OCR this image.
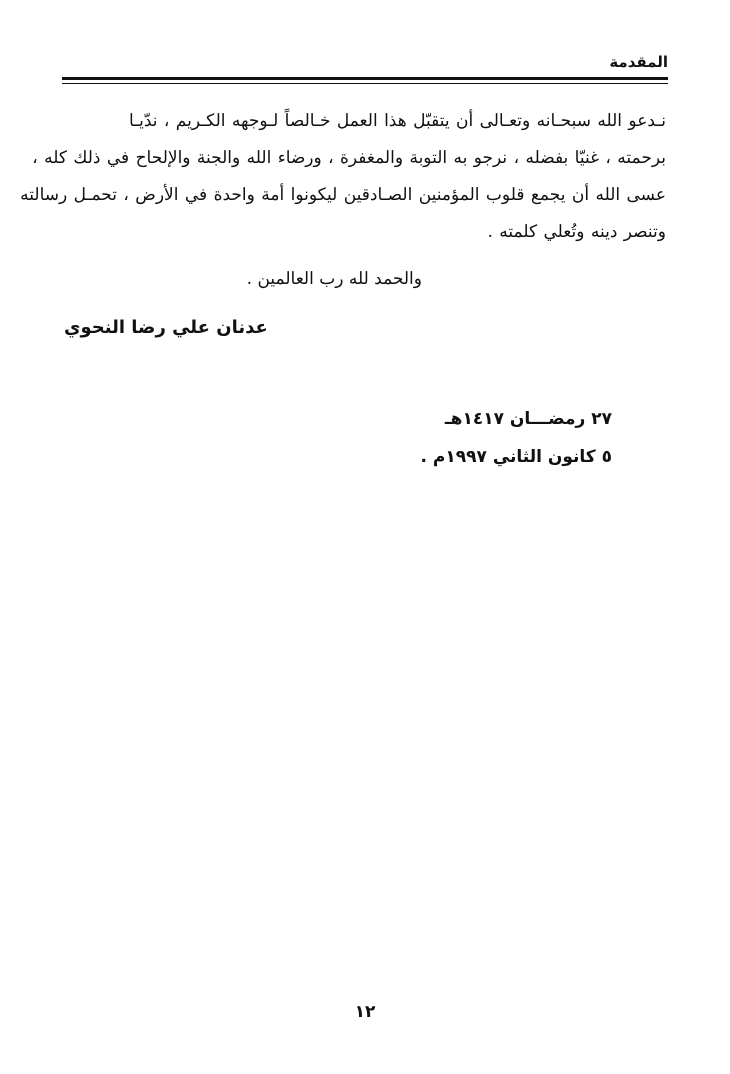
المقدمة

نـدعو الله سبحـانه وتعـالى أن يتقبّل هذا العمل خـالصاً لـوجهه الكـريم ، ندّيـا

برحمته ، غنيّا بفضله ، نرجو به التوبة والمغفرة ، ورضاء الله والجنة والإلحاح في ذلك كله ،

عسى الله أن يجمع قلوب المؤمنين الصـادقين ليكونوا أمة واحدة في الأرض ، تحمـل رسالته

وتنصر دينه وتُعلي كلمته .

والحمد لله رب العالمين .
عدنان علي رضا النحوي
٢٧ رمضـــان ١٤١٧هـ
٥ كانون الثاني ١٩٩٧م .
١٢
